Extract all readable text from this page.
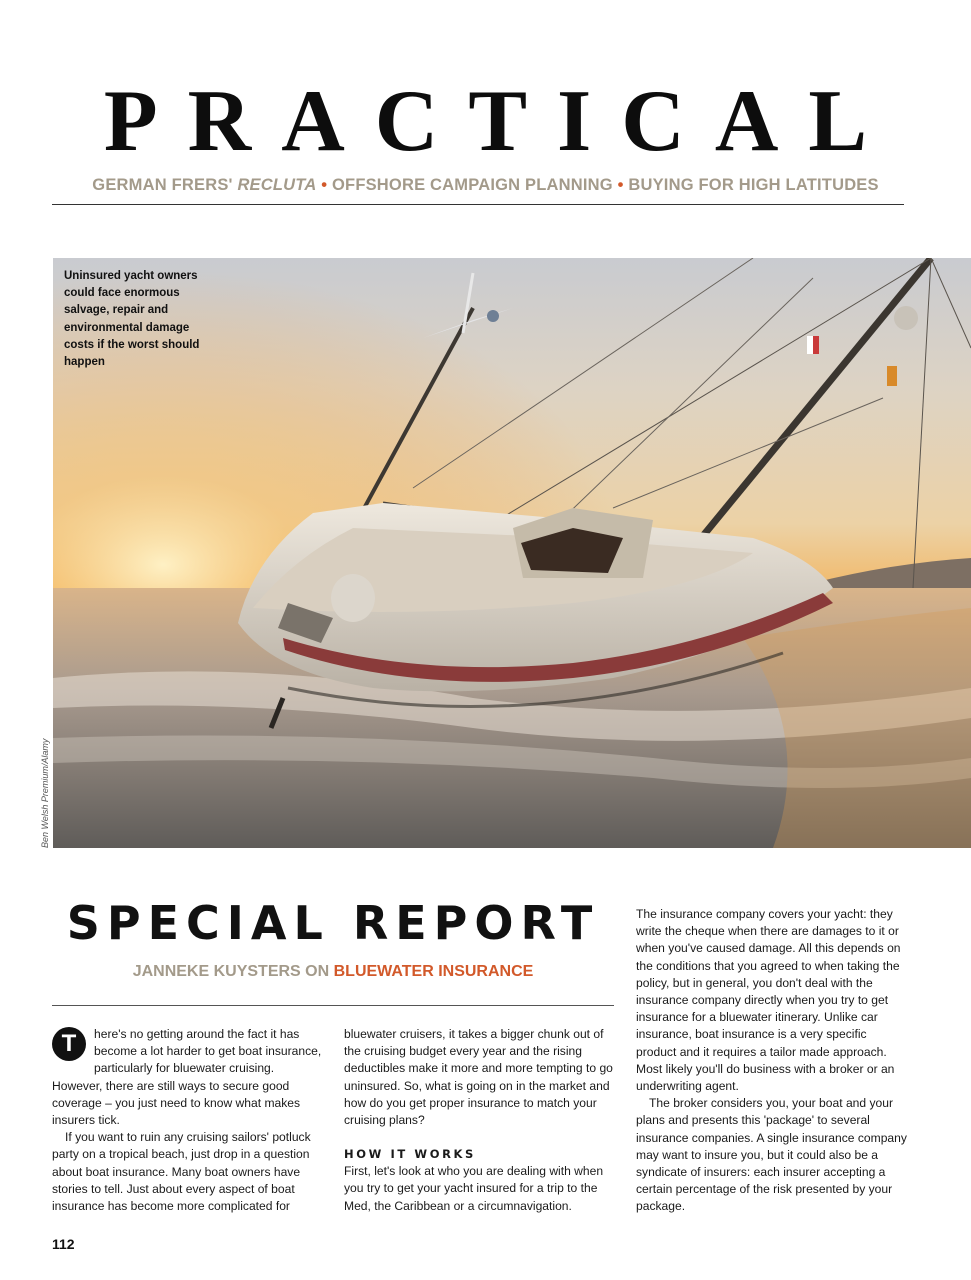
PRACTICAL
GERMAN FRERS' RECLUTA • OFFSHORE CAMPAIGN PLANNING • BUYING FOR HIGH LATITUDES
Uninsured yacht owners could face enormous salvage, repair and environmental damage costs if the worst should happen
Ben Welsh Premium/Alamy
SPECIAL REPORT
JANNEKE KUYSTERS ON BLUEWATER INSURANCE

T	here's no getting around the fact it has become a lot harder to get boat insurance, particularly for bluewater cruising. However, there are still ways to secure good coverage – you just need to know what makes insurers tick.

If you want to ruin any cruising sailors' potluck party on a tropical beach, just drop in a question about boat insurance. Many boat owners have stories to tell. Just about every aspect of boat insurance has become more complicated for

bluewater cruisers, it takes a bigger chunk out of the cruising budget every year and the rising deductibles make it more and more tempting to go uninsured. So, what is going on in the market and how do you get proper insurance to match your cruising plans?

HOW IT WORKS

First, let's look at who you are dealing with when you try to get your yacht insured for a trip to the Med, the Caribbean or a circumnavigation.

The insurance company covers your yacht: they write the cheque when there are damages to it or when you've caused damage. All this depends on the conditions that you agreed to when taking the policy, but in general, you don't deal with the insurance company directly when you try to get insurance for a bluewater itinerary. Unlike car insurance, boat insurance is a very specific product and it requires a tailor made approach. Most likely you'll do business with a broker or an underwriting agent.

The broker considers you, your boat and your plans and presents this 'package' to several insurance companies. A single insurance company may want to insure you, but it could also be a syndicate of insurers: each insurer accepting a certain percentage of the risk presented by your package.

112
